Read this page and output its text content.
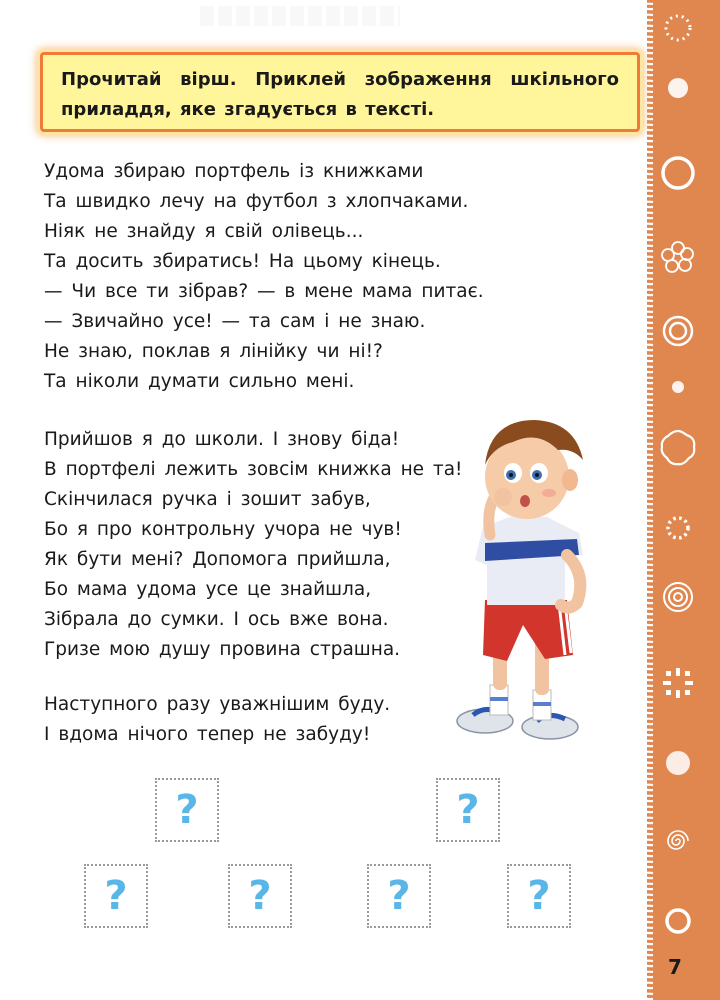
7
Прочитай вірш. Приклей зображення шкільного приладдя, яке згадується в тексті.
Удома збираю портфель із книжками
Та швидко лечу на футбол з хлопчаками.
Ніяк не знайду я свій олівець...
Та досить збиратись! На цьому кінець.
— Чи все ти зібрав? — в мене мама питає.
— Звичайно усе! — та сам і не знаю.
Не знаю, поклав я лінійку чи ні!?
Та ніколи думати сильно мені.
Прийшов я до школи. І знову біда!
В портфелі лежить зовсім книжка не та!
Скінчилася ручка і зошит забув,
Бо я про контрольну учора не чув!
Як бути мені? Допомога прийшла,
Бо мама удома усе це знайшла,
Зібрала до сумки. І ось вже вона.
Гризе мою душу провина страшна.
Наступного разу уважнішим буду.
І вдома нічого тепер не забуду!
?	?
?	?	?	?
